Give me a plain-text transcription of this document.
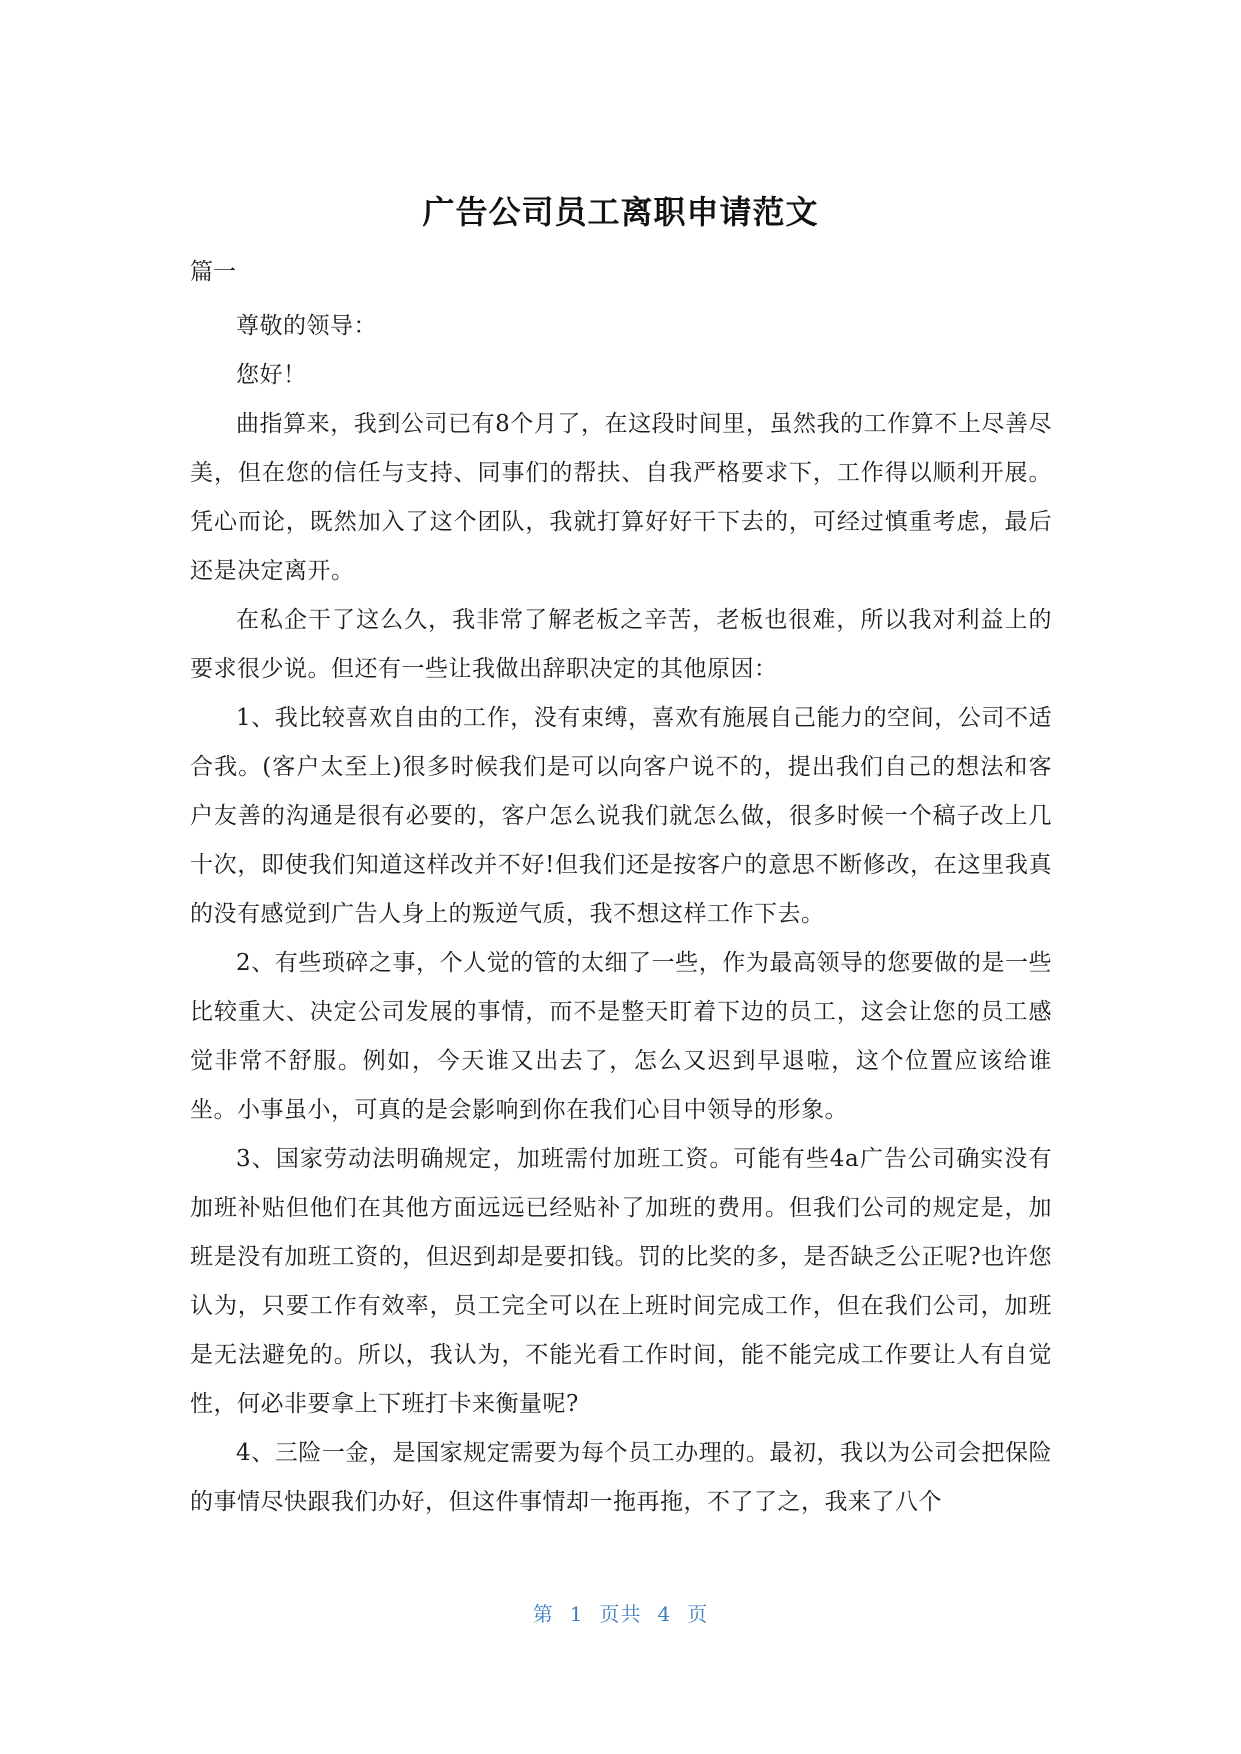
广告公司员工离职申请范文

篇一

尊敬的领导：

您好！

曲指算来，我到公司已有8个月了，在这段时间里，虽然我的工作算不上尽善尽美，但在您的信任与支持、同事们的帮扶、自我严格要求下，工作得以顺利开展。凭心而论，既然加入了这个团队，我就打算好好干下去的，可经过慎重考虑，最后还是决定离开。

在私企干了这么久，我非常了解老板之辛苦，老板也很难，所以我对利益上的要求很少说。但还有一些让我做出辞职决定的其他原因：

1、我比较喜欢自由的工作，没有束缚，喜欢有施展自己能力的空间，公司不适合我。(客户太至上)很多时候我们是可以向客户说不的，提出我们自己的想法和客户友善的沟通是很有必要的，客户怎么说我们就怎么做，很多时候一个稿子改上几十次，即使我们知道这样改并不好!但我们还是按客户的意思不断修改，在这里我真的没有感觉到广告人身上的叛逆气质，我不想这样工作下去。

2、有些琐碎之事，个人觉的管的太细了一些，作为最高领导的您要做的是一些比较重大、决定公司发展的事情，而不是整天盯着下边的员工，这会让您的员工感觉非常不舒服。例如，今天谁又出去了，怎么又迟到早退啦，这个位置应该给谁坐。小事虽小，可真的是会影响到你在我们心目中领导的形象。

3、国家劳动法明确规定，加班需付加班工资。可能有些4a广告公司确实没有加班补贴但他们在其他方面远远已经贴补了加班的费用。但我们公司的规定是，加班是没有加班工资的，但迟到却是要扣钱。罚的比奖的多，是否缺乏公正呢?也许您认为，只要工作有效率，员工完全可以在上班时间完成工作，但在我们公司，加班是无法避免的。所以，我认为，不能光看工作时间，能不能完成工作要让人有自觉性，何必非要拿上下班打卡来衡量呢?

4、三险一金，是国家规定需要为每个员工办理的。最初，我以为公司会把保险的事情尽快跟我们办好，但这件事情却一拖再拖，不了了之，我来了八个

第 1 页共 4 页
